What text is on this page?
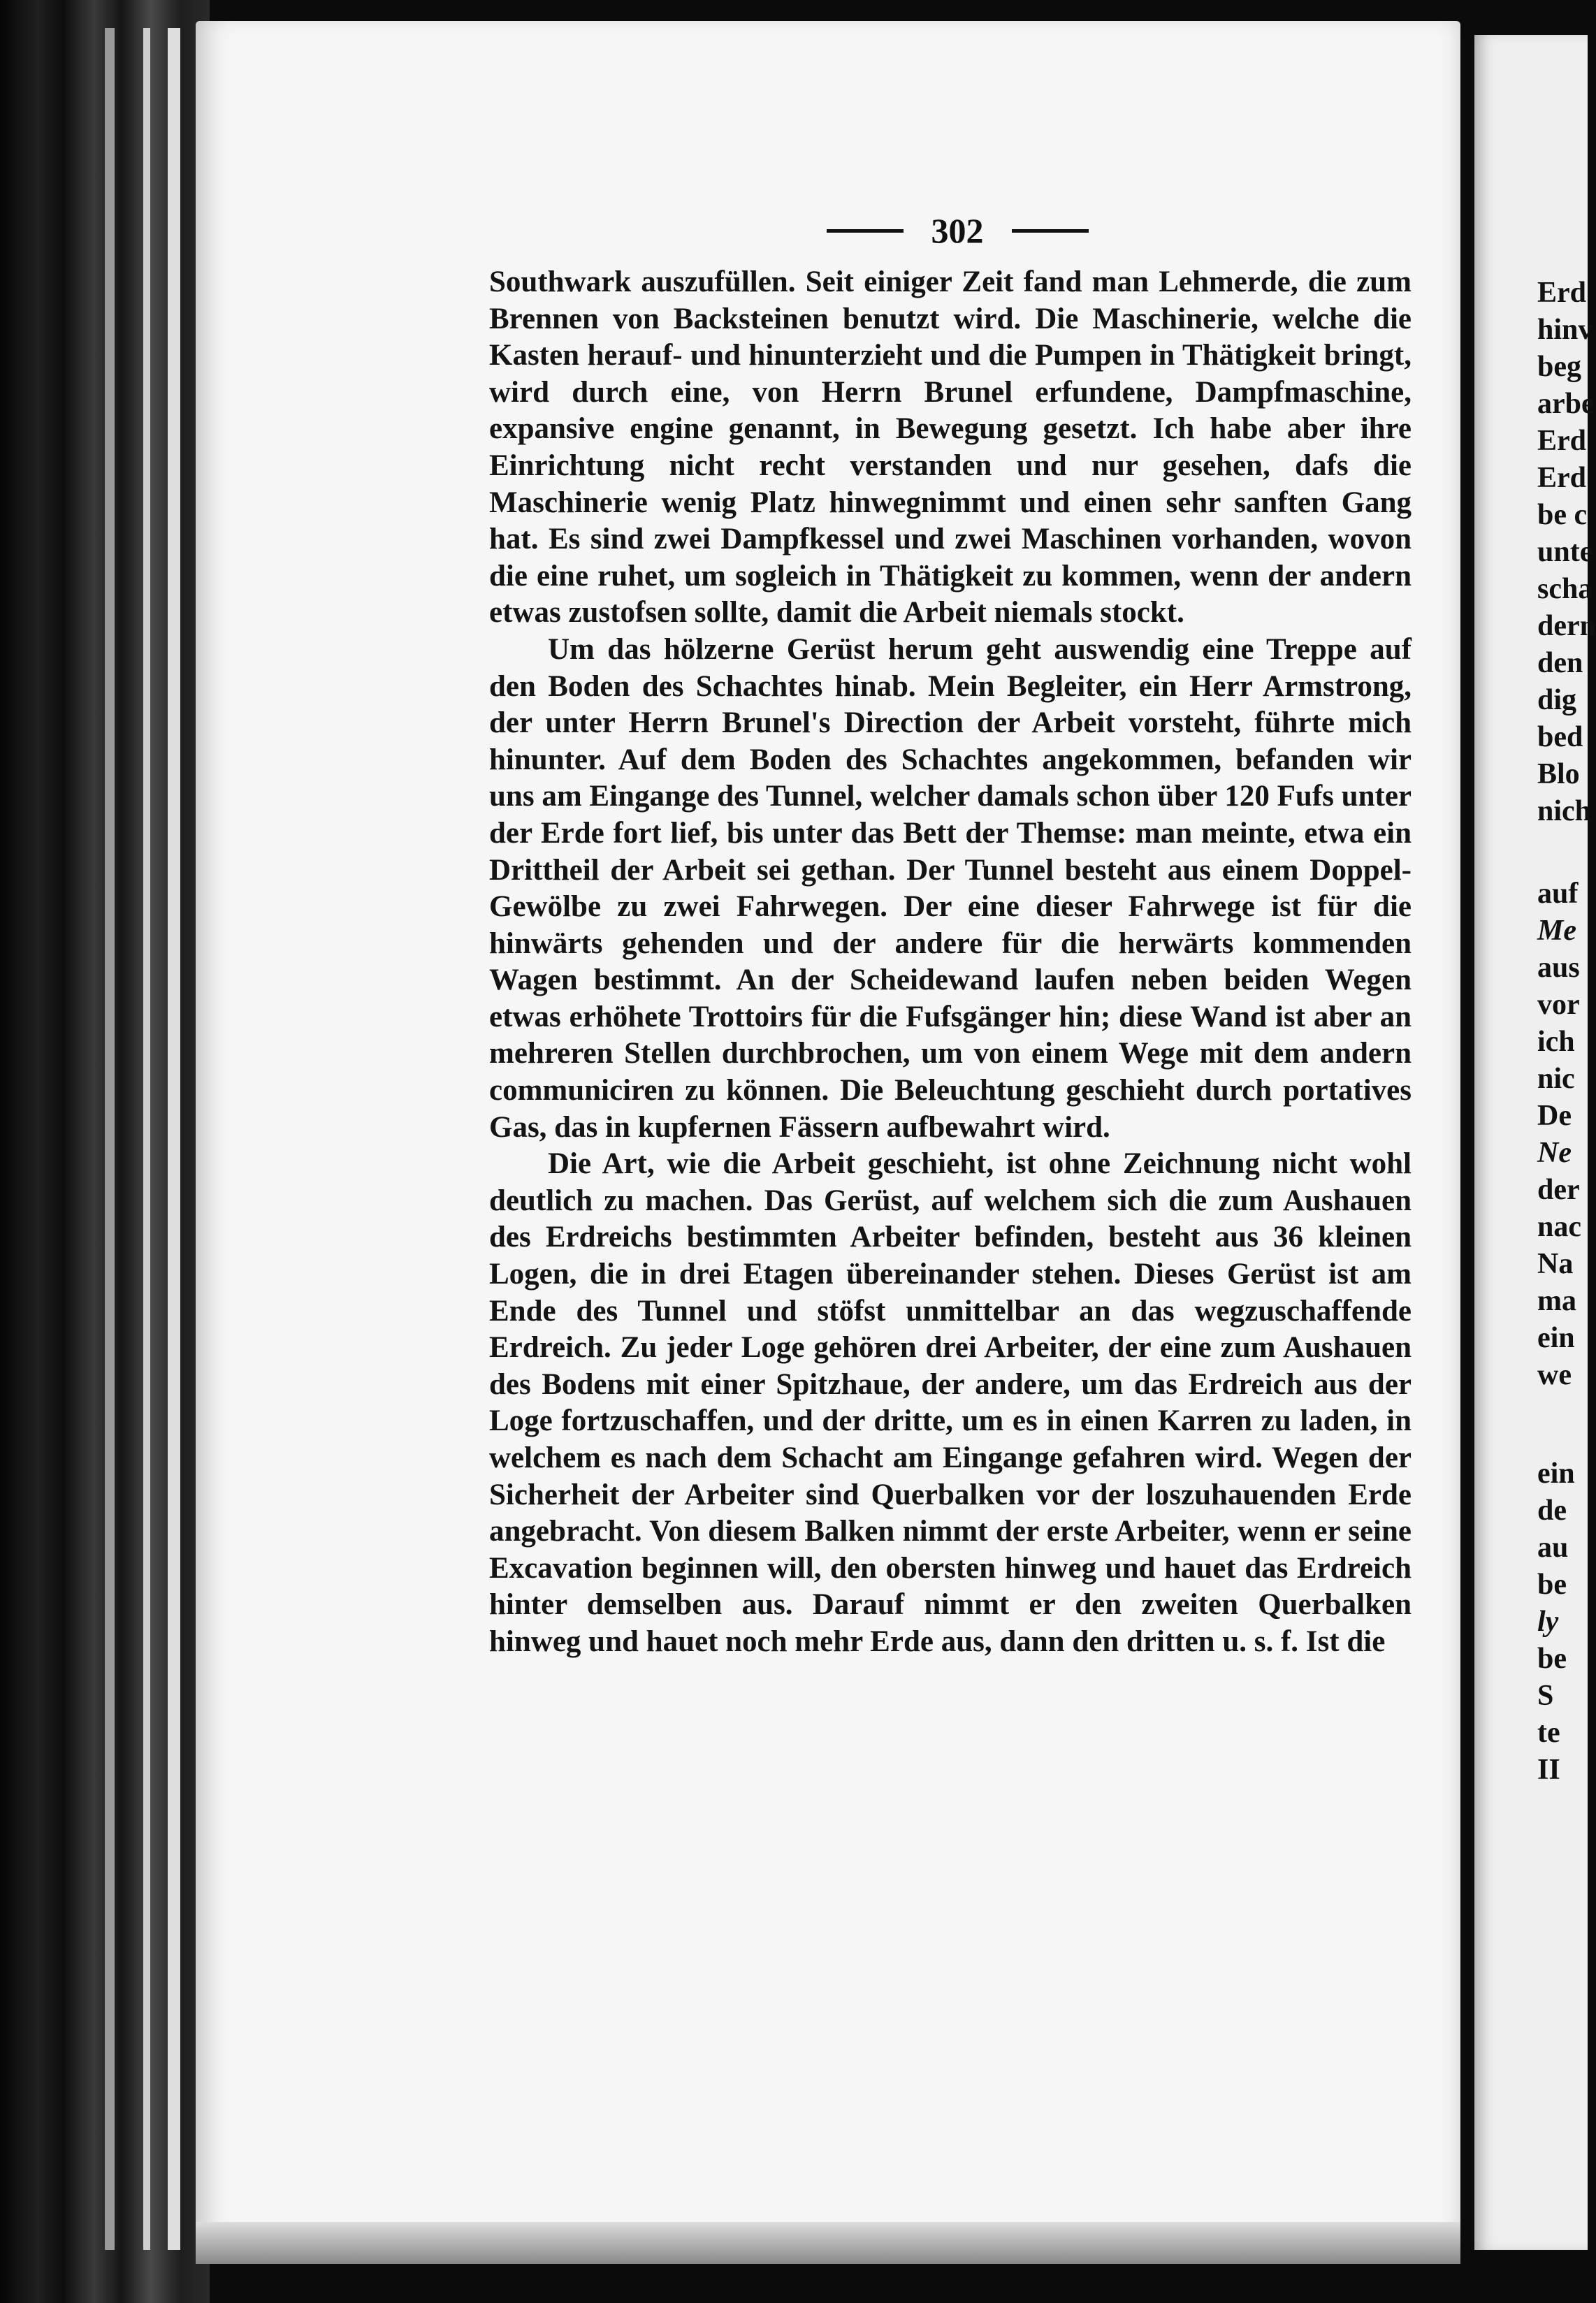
302

Southwark auszufüllen. Seit einiger Zeit fand man Lehmerde, die zum Brennen von Backsteinen benutzt wird. Die Maschinerie, welche die Kasten herauf- und hinunterzieht und die Pumpen in Thätigkeit bringt, wird durch eine, von Herrn Brunel erfundene, Dampfmaschine, expansive engine genannt, in Bewegung gesetzt. Ich habe aber ihre Einrichtung nicht recht verstanden und nur gesehen, dafs die Maschinerie wenig Platz hinwegnimmt und einen sehr sanften Gang hat. Es sind zwei Dampfkessel und zwei Maschinen vorhanden, wovon die eine ruhet, um sogleich in Thätigkeit zu kommen, wenn der andern etwas zustofsen sollte, damit die Arbeit niemals stockt.

Um das hölzerne Gerüst herum geht auswendig eine Treppe auf den Boden des Schachtes hinab. Mein Begleiter, ein Herr Armstrong, der unter Herrn Brunel's Direction der Arbeit vorsteht, führte mich hinunter. Auf dem Boden des Schachtes angekommen, befanden wir uns am Eingange des Tunnel, welcher damals schon über 120 Fufs unter der Erde fort lief, bis unter das Bett der Themse: man meinte, etwa ein Drittheil der Arbeit sei gethan. Der Tunnel besteht aus einem Doppel-Gewölbe zu zwei Fahrwegen. Der eine dieser Fahrwege ist für die hinwärts gehenden und der andere für die herwärts kommenden Wagen bestimmt. An der Scheidewand laufen neben beiden Wegen etwas erhöhete Trottoirs für die Fufsgänger hin; diese Wand ist aber an mehreren Stellen durchbrochen, um von einem Wege mit dem andern communiciren zu können. Die Beleuchtung geschieht durch portatives Gas, das in kupfernen Fässern aufbewahrt wird.

Die Art, wie die Arbeit geschieht, ist ohne Zeichnung nicht wohl deutlich zu machen. Das Gerüst, auf welchem sich die zum Aushauen des Erdreichs bestimmten Arbeiter befinden, besteht aus 36 kleinen Logen, die in drei Etagen übereinander stehen. Dieses Gerüst ist am Ende des Tunnel und stöfst unmittelbar an das wegzuschaffende Erdreich. Zu jeder Loge gehören drei Arbeiter, der eine zum Aushauen des Bodens mit einer Spitzhaue, der andere, um das Erdreich aus der Loge fortzuschaffen, und der dritte, um es in einen Karren zu laden, in welchem es nach dem Schacht am Eingange gefahren wird. Wegen der Sicherheit der Arbeiter sind Querbalken vor der loszuhauenden Erde angebracht. Von diesem Balken nimmt der erste Arbeiter, wenn er seine Excavation beginnen will, den obersten hinweg und hauet das Erdreich hinter demselben aus. Darauf nimmt er den zweiten Querbalken hinweg und hauet noch mehr Erde aus, dann den dritten u. s. f. Ist die

Erd
hinv
beg
arbe
Erd
Erd
be c
unte
scha
dern
den
dig
bed
Blo
nich
auf
Me
aus
vor
ich
nic
De
Ne
der
nac
Na
ma
ein
we
ein
de
au
be
ly
be
S
te
II
